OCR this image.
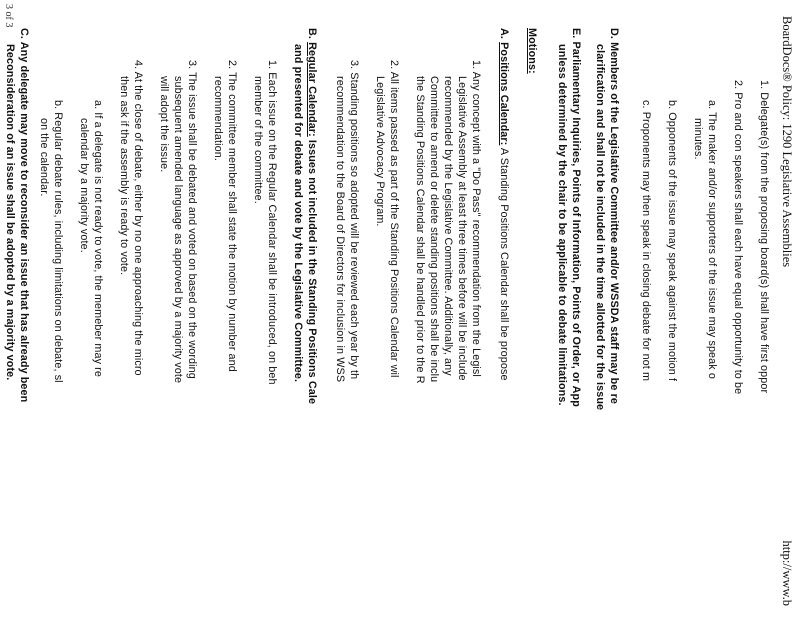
BoardDocs® Policy: 1290 Legislative Assemblies
http://www.b
1. Delegate(s) from the proposing board(s) shall have first oppor
2. Pro and con speakers shall each have equal opportunity to be
a. The maker and/or supporters of the issue may speak o
minutes.
b. Opponents of the issue may speak against the motion f
c. Proponents may then speak in closing debate for not m
D. Members of the Legislative Committee and/or WSSDA staff may be re
clarification and shall not be included in the time allotted for the issue
E. Parliamentary Inquiries, Points of Information, Points of Order, or App
unless determined by the chair to be applicable to debate limitations.
Motions:
A. Positions Calendar: A Standing Positions Calendar shall be propose
1. Any concept with a "Do Pass" recommendation from the Legisl
Legislative Assembly at least three times before will be include
recommended by the Legislative Committee. Additionally, any
Committee to amend or delete standing positions shall be inclu
the Standing Positions Calendar shall be handled prior to the R
2. All items passed as part of the Standing Positions Calendar wil
Legislative Advocacy Program.
3. Standing positions so adopted will be reviewed each year by th
recommendation to the Board of Directors for inclusion in WSS
B. Regular Calendar: Issues not included in the Standing Positions Cale
and presented for debate and vote by the Legislative Committee.
1. Each issue on the Regular Calendar shall be introduced, on beh
member of the committee.
2. The committee member shall state the motion by number and
recommendation.
3. The issue shall be debated and voted on based on the wording
subsequent amended language as approved by a majority vote
will adopt the issue.
4. At the close of debate, either by no one approaching the micro
then ask if the assembly is ready to vote.
a. If a delegate is not ready to vote, the memeber may re
calendar by a majority vote.
b. Regular debate rules, including limitations on debate, sl
on the calendar.
C. Any delegate may move to reconsider an issue that has already been
Reconsideration of an issue shall be adopted by a majority vote.
3 of 3
